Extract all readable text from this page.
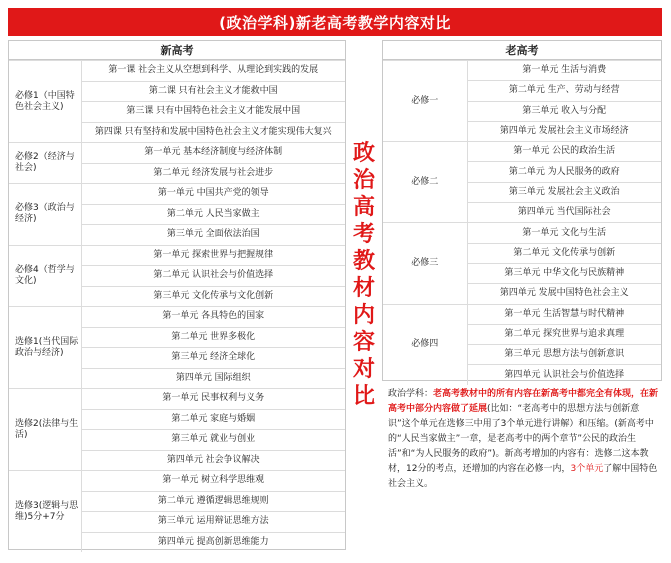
(政治学科)新老高考教学内容对比
新高考
必修1（中国特色社会主义)	第一课 社会主义从空想到科学、从理论到实践的发展
	第二课 只有社会主义才能救中国
	第三课 只有中国特色社会主义才能发展中国
	第四课 只有坚持和发展中国特色社会主义才能实现伟大复兴
必修2（经济与社会)	第一单元 基本经济制度与经济体制
	第二单元 经济发展与社会进步
必修3（政治与经济)	第一单元 中国共产党的领导
	第二单元 人民当家做主
	第三单元 全面依法治国
必修4（哲学与文化)	第一单元 探索世界与把握规律
	第二单元 认识社会与价值选择
	第三单元 文化传承与文化创新
选修1(当代国际政治与经济)	第一单元 各具特色的国家
	第二单元 世界多极化
	第三单元 经济全球化
	第四单元 国际组织
选修2(法律与生活)	第一单元 民事权利与义务
	第二单元 家庭与婚姻
	第三单元 就业与创业
	第四单元 社会争议解决
选修3(逻辑与思维)5分+7分	第一单元 树立科学思维观
	第二单元 遵循逻辑思维规则
	第三单元 运用辩证思维方法
	第四单元 提高创新思维能力
政
治
高
考
教
材
内
容
对
比
老高考
必修一	第一单元 生活与消费
	第二单元 生产、劳动与经营
	第三单元 收入与分配
	第四单元 发展社会主义市场经济
必修二	第一单元 公民的政治生活
	第二单元 为人民服务的政府
	第三单元 发展社会主义政治
	第四单元 当代国际社会
必修三	第一单元 文化与生活
	第二单元 文化传承与创新
	第三单元 中华文化与民族精神
	第四单元 发展中国特色社会主义
必修四	第一单元 生活智慧与时代精神
	第二单元 探究世界与追求真理
	第三单元 思想方法与创新意识
	第四单元 认识社会与价值选择
政治学科：老高考教材中的所有内容在新高考中都完全有体现，在新高考中部分内容做了延展(比如：“老高考中的思想方法与创新意识”这个单元在选修三中用了3个单元进行讲解）和压缩。(新高考中的“人民当家做主”一章，是老高考中的两个章节”公民的政治生活”和“为人民服务的政府”)。新高考增加的内容有：选修二这本教材，12分的考点，还增加的内容在必修一内，3个单元了解中国特色社会主义。
